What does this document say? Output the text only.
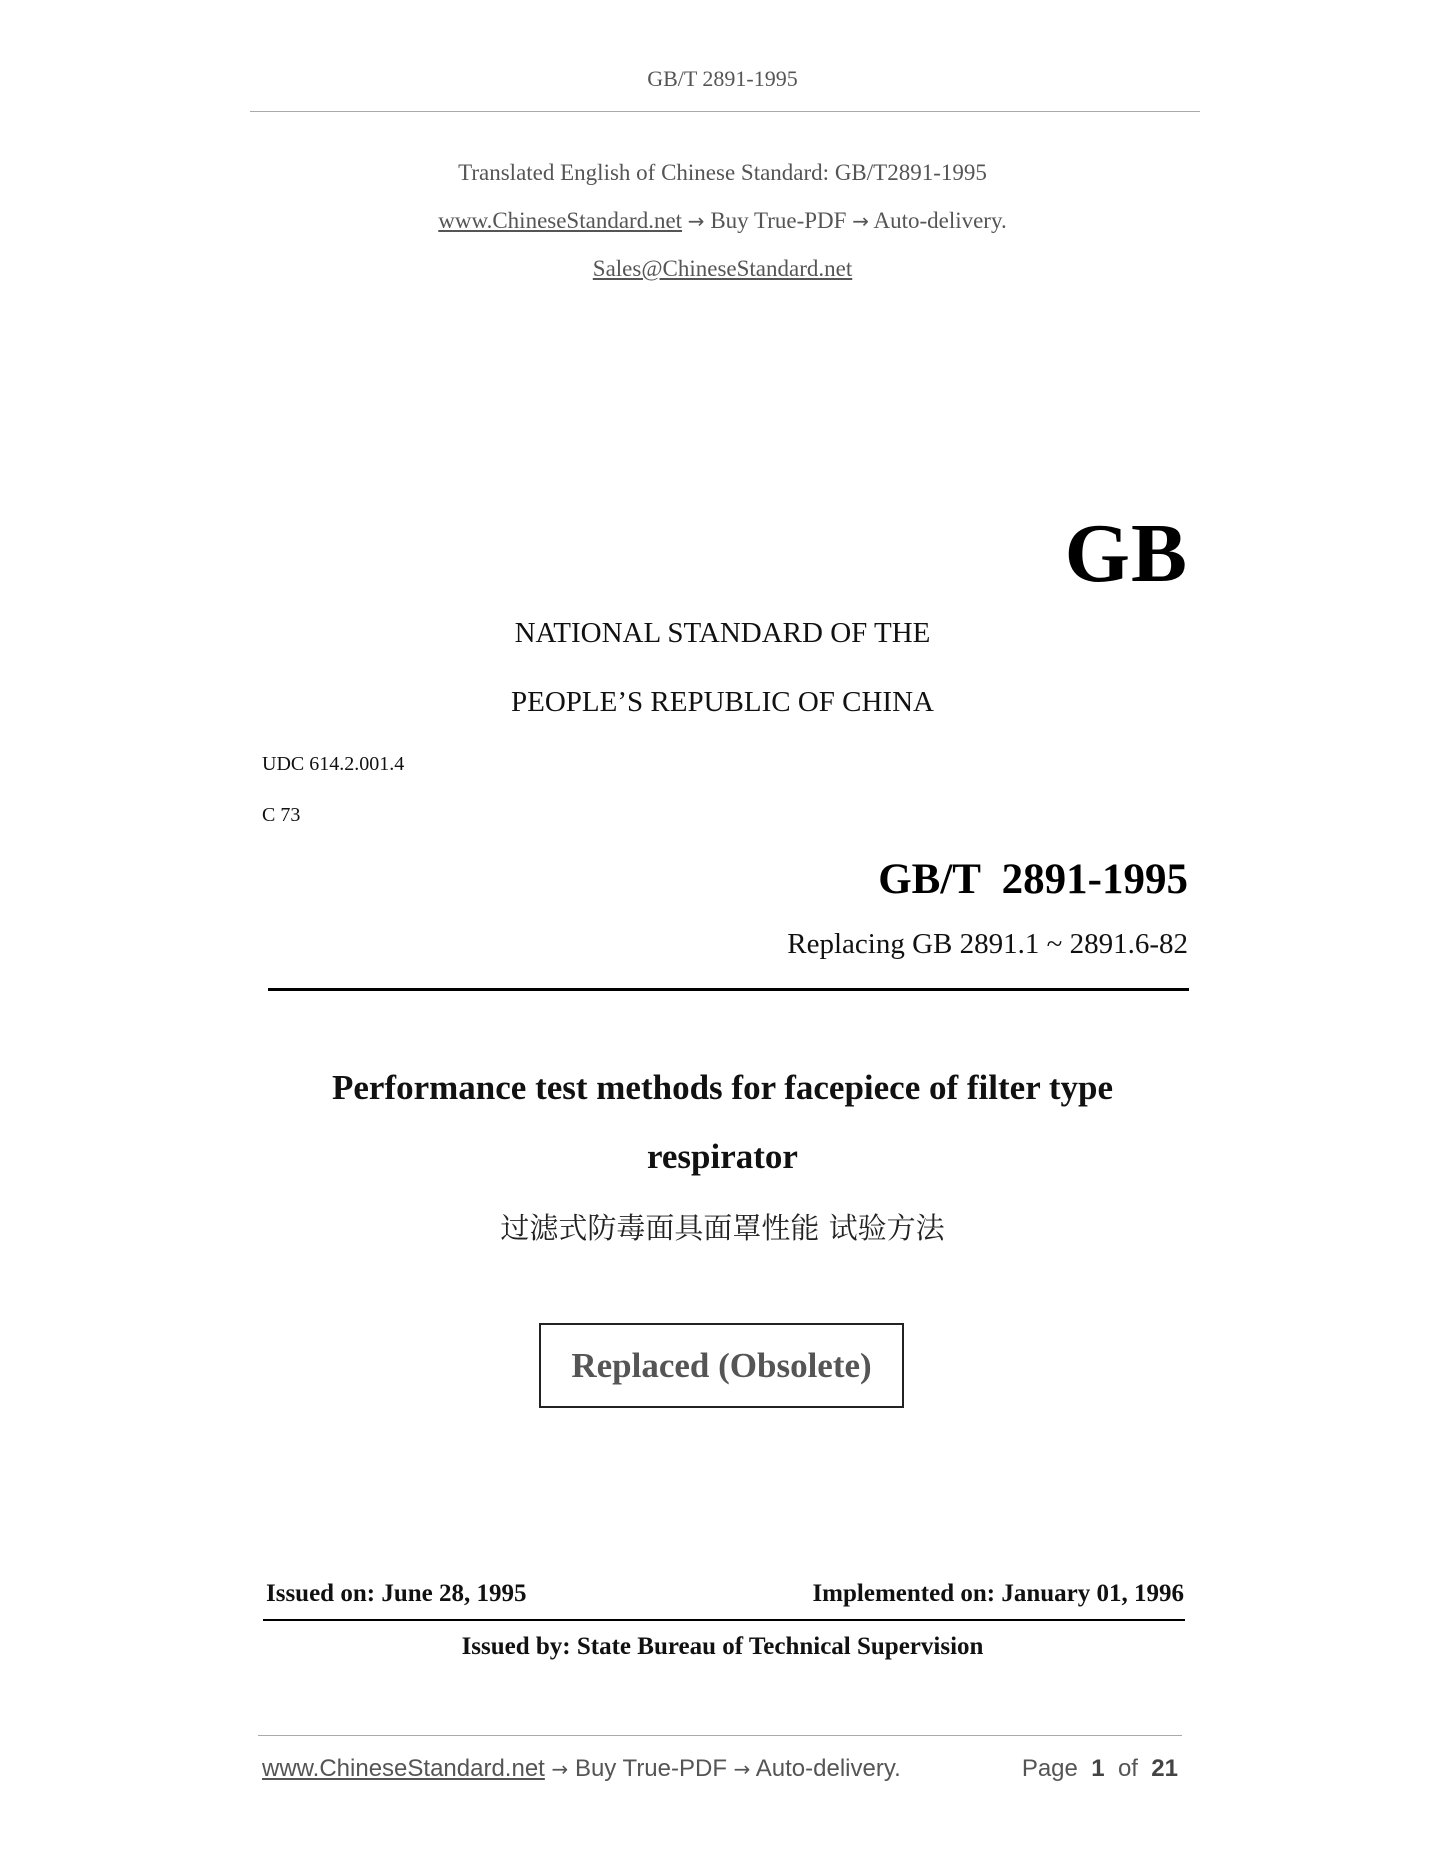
GB/T 2891-1995
Translated English of Chinese Standard: GB/T2891-1995
www.ChineseStandard.net → Buy True-PDF → Auto-delivery.
Sales@ChineseStandard.net
GB
NATIONAL STANDARD OF THE
PEOPLE’S REPUBLIC OF CHINA
UDC 614.2.001.4
C 73
GB/T  2891-1995
Replacing GB 2891.1 ~ 2891.6-82
Performance test methods for facepiece of filter type
respirator
过滤式防毒面具面罩性能 试验方法
Replaced (Obsolete)
Issued on: June 28, 1995	Implemented on: January 01, 1996
Issued by: State Bureau of Technical Supervision
www.ChineseStandard.net → Buy True-PDF → Auto-delivery.	Page 1 of 21
